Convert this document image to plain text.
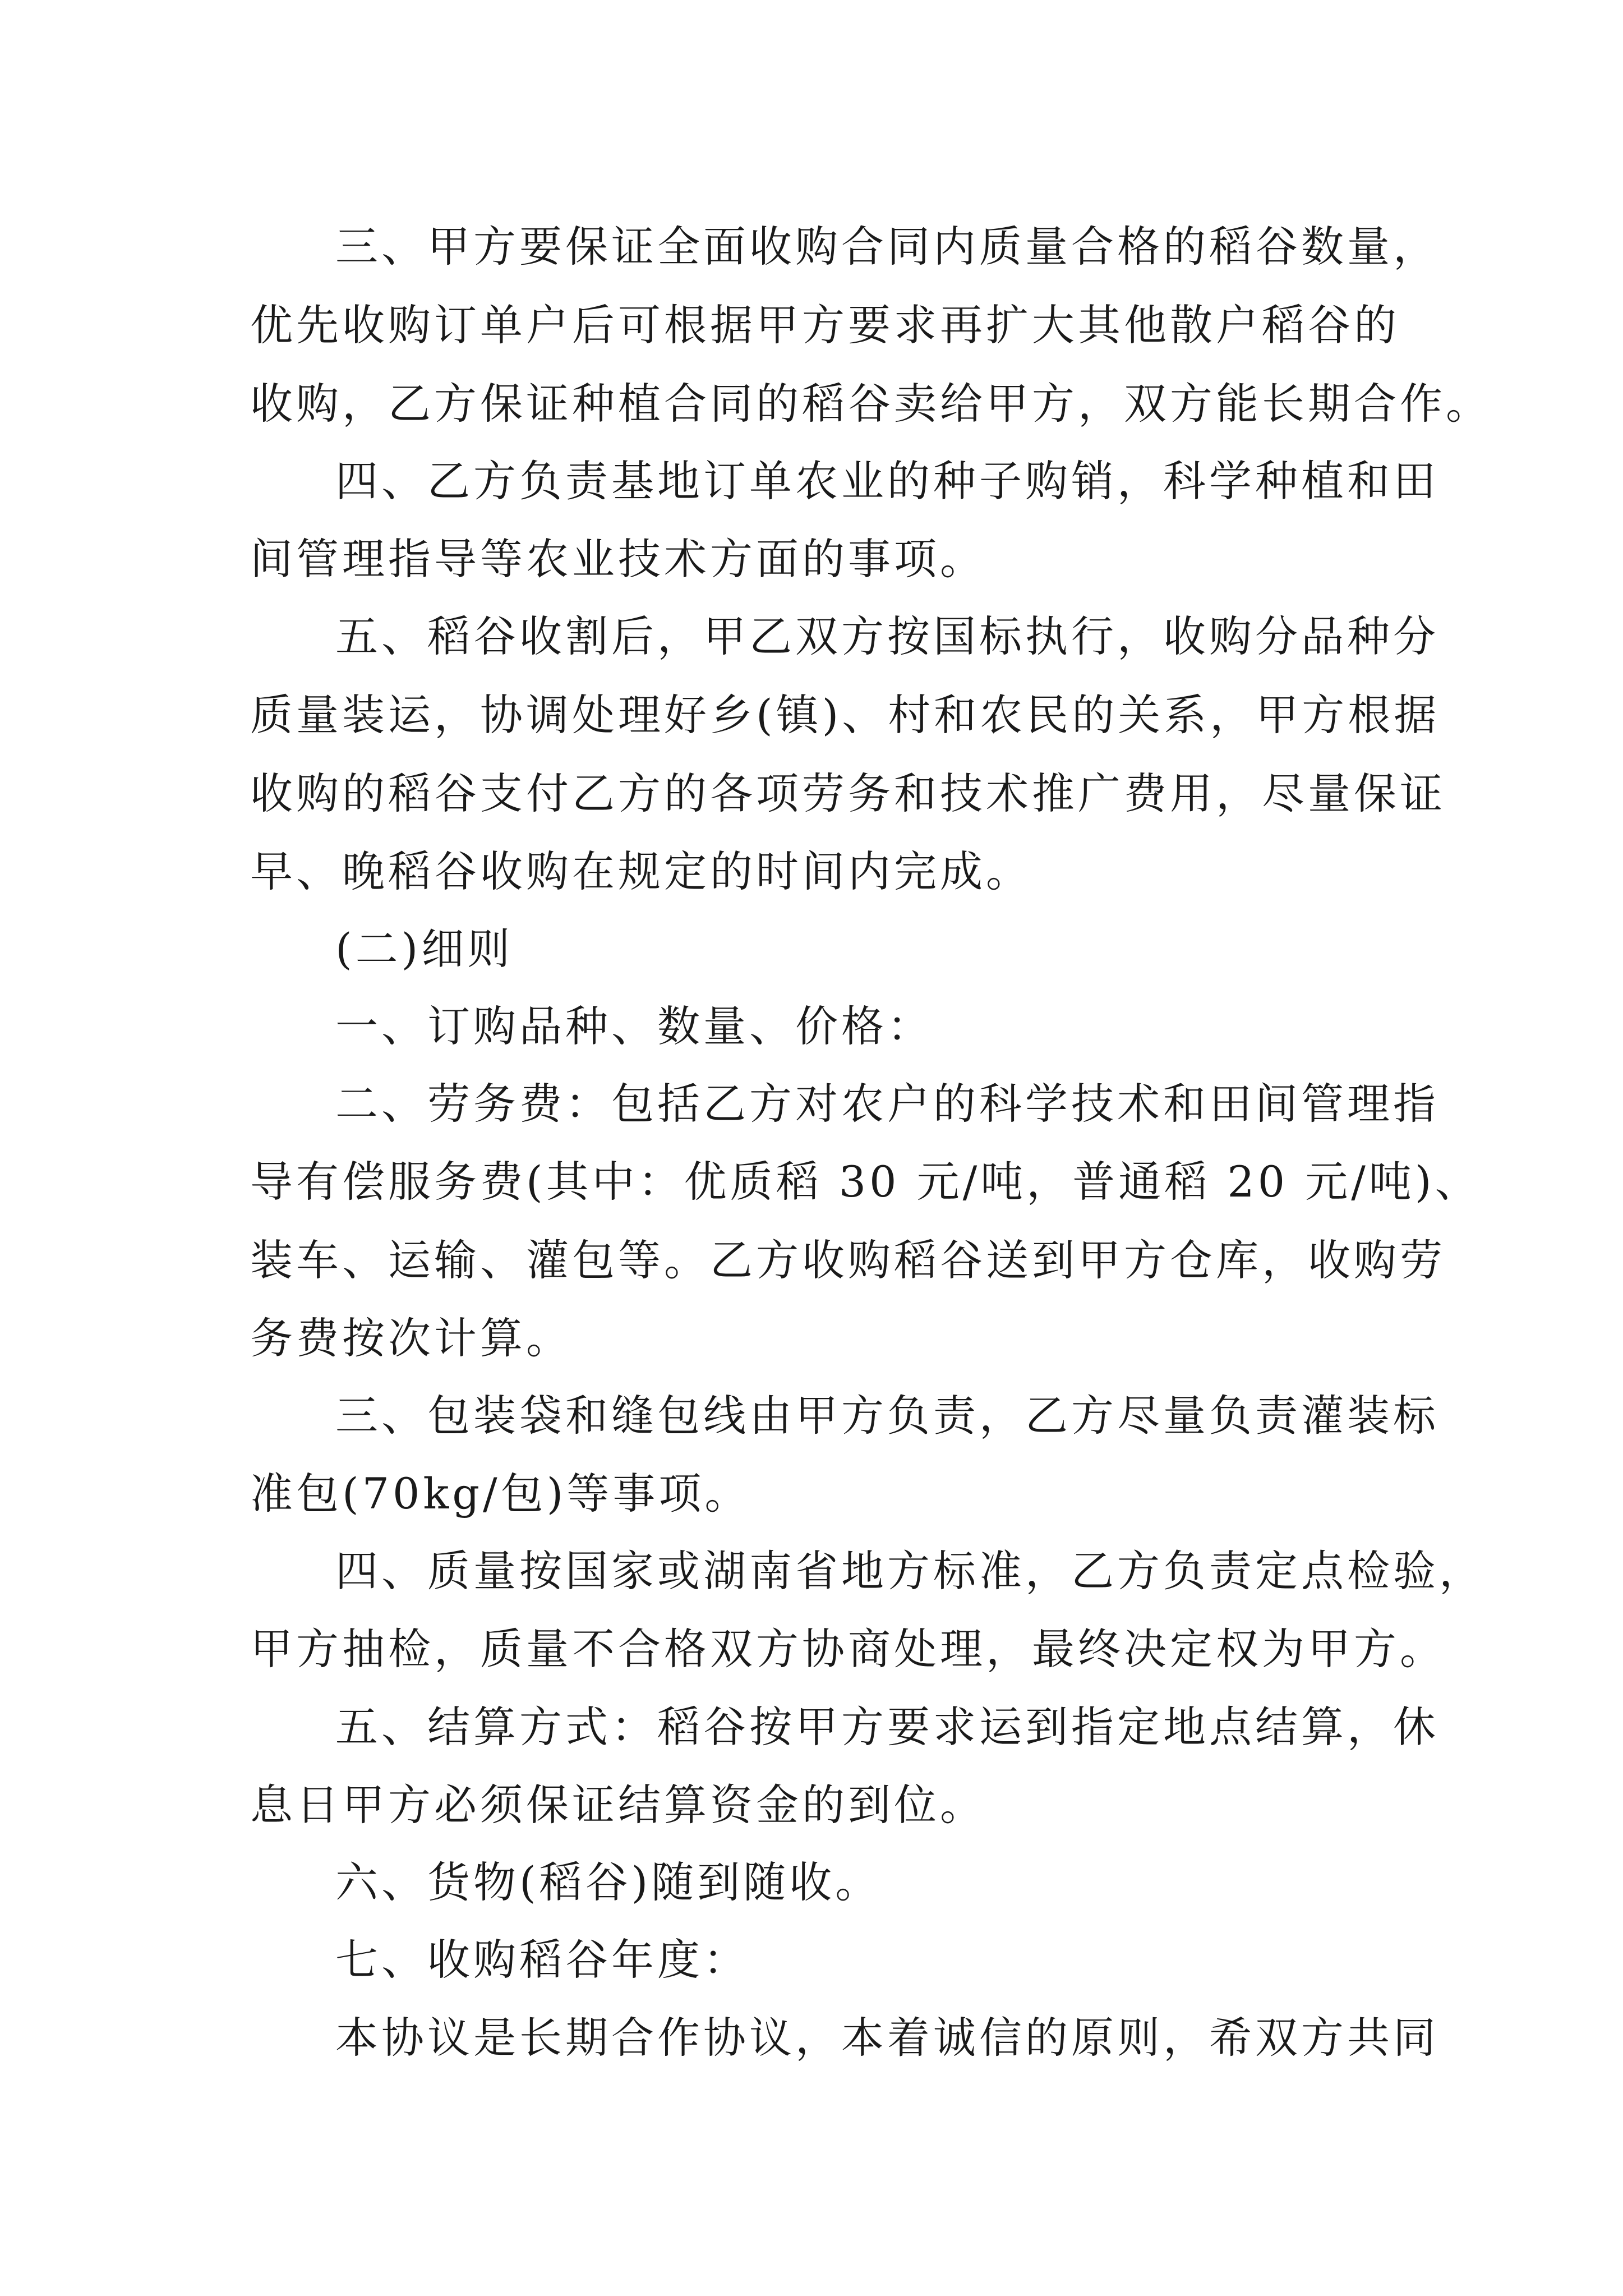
三、甲方要保证全面收购合同内质量合格的稻谷数量，
优先收购订单户后可根据甲方要求再扩大其他散户稻谷的
收购，乙方保证种植合同的稻谷卖给甲方，双方能长期合作。
四、乙方负责基地订单农业的种子购销，科学种植和田
间管理指导等农业技术方面的事项。
五、稻谷收割后，甲乙双方按国标执行，收购分品种分
质量装运，协调处理好乡(镇)、村和农民的关系，甲方根据
收购的稻谷支付乙方的各项劳务和技术推广费用，尽量保证
早、晚稻谷收购在规定的时间内完成。
(二)细则
一、订购品种、数量、价格：
二、劳务费：包括乙方对农户的科学技术和田间管理指
导有偿服务费(其中：优质稻 30 元/吨，普通稻 20 元/吨)、
装车、运输、灌包等。乙方收购稻谷送到甲方仓库，收购劳
务费按次计算。
三、包装袋和缝包线由甲方负责，乙方尽量负责灌装标
准包(70kg/包)等事项。
四、质量按国家或湖南省地方标准，乙方负责定点检验，
甲方抽检，质量不合格双方协商处理，最终决定权为甲方。
五、结算方式：稻谷按甲方要求运到指定地点结算，休
息日甲方必须保证结算资金的到位。
六、货物(稻谷)随到随收。
七、收购稻谷年度：
本协议是长期合作协议，本着诚信的原则，希双方共同
